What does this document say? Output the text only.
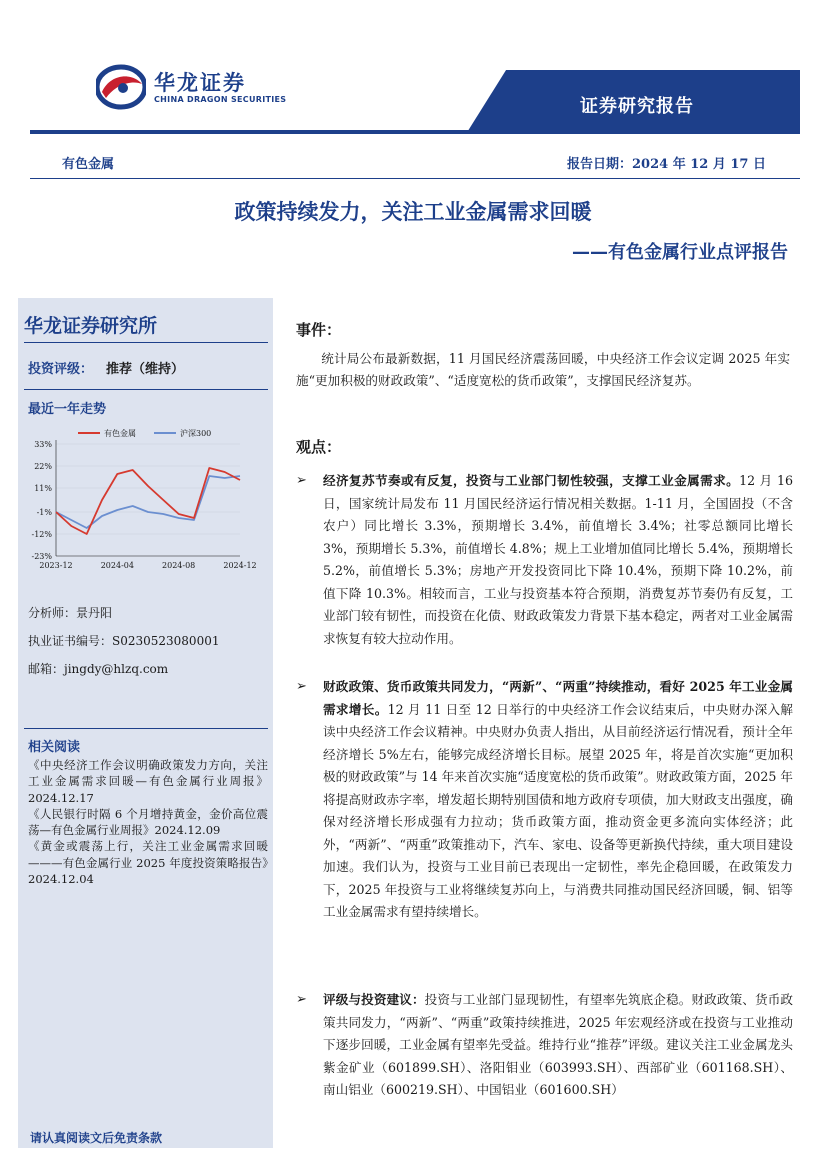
华龙证券
CHINA DRAGON SECURITIES	证券研究报告
有色金属	报告日期：2024 年 12 月 17 日
政策持续发力，关注工业金属需求回暖
——有色金属行业点评报告
华龙证券研究所
投资评级： 推荐（维持）
最近一年走势
有色金属	沪深300
2023-12	2024-04	2024-08	2024-12
33%
22%
11%
-1%
-12%
-23%
分析师：景丹阳
执业证书编号：S0230523080001
邮箱：jingdy@hlzq.com
相关阅读

《中央经济工作会议明确政策发力方向，关注工业金属需求回暖—有色金属行业周报》2024.12.17

《人民银行时隔 6 个月增持黄金，金价高位震荡—有色金属行业周报》2024.12.09

《黄金或震荡上行，关注工业金属需求回暖———有色金属行业 2025 年度投资策略报告》2024.12.04

请认真阅读文后免责条款
事件：
统计局公布最新数据，11 月国民经济震荡回暖，中央经济工作会议定调 2025 年实施“更加积极的财政政策”、“适度宽松的货币政策”，支撑国民经济复苏。
观点：
➢ 经济复苏节奏或有反复，投资与工业部门韧性较强，支撑工业金属需求。12 月 16 日，国家统计局发布 11 月国民经济运行情况相关数据。1-11 月，全国固投（不含农户）同比增长 3.3%，预期增长 3.4%，前值增长 3.4%；社零总额同比增长 3%，预期增长 5.3%，前值增长 4.8%；规上工业增加值同比增长 5.4%，预期增长 5.2%，前值增长 5.3%；房地产开发投资同比下降 10.4%，预期下降 10.2%，前值下降 10.3%。相较而言，工业与投资基本符合预期，消费复苏节奏仍有反复，工业部门较有韧性，而投资在化债、财政政策发力背景下基本稳定，两者对工业金属需求恢复有较大拉动作用。
➢ 财政政策、货币政策共同发力，“两新”、“两重”持续推动，看好 2025 年工业金属需求增长。12 月 11 日至 12 日举行的中央经济工作会议结束后，中央财办深入解读中央经济工作会议精神。中央财办负责人指出，从目前经济运行情况看，预计全年经济增长 5%左右，能够完成经济增长目标。展望 2025 年，将是首次实施“更加积极的财政政策”与 14 年来首次实施“适度宽松的货币政策”。财政政策方面，2025 年将提高财政赤字率，增发超长期特别国债和地方政府专项债，加大财政支出强度，确保对经济增长形成强有力拉动；货币政策方面，推动资金更多流向实体经济；此外，“两新”、“两重”政策推动下，汽车、家电、设备等更新换代持续，重大项目建设加速。我们认为，投资与工业目前已表现出一定韧性，率先企稳回暖，在政策发力下，2025 年投资与工业将继续复苏向上，与消费共同推动国民经济回暖，铜、铝等工业金属需求有望持续增长。
➢ 评级与投资建议：投资与工业部门显现韧性，有望率先筑底企稳。财政政策、货币政策共同发力，“两新”、“两重”政策持续推进，2025 年宏观经济或在投资与工业推动下逐步回暖，工业金属有望率先受益。维持行业“推荐”评级。建议关注工业金属龙头紫金矿业（601899.SH）、洛阳钼业（603993.SH）、西部矿业（601168.SH）、南山铝业（600219.SH）、中国铝业（601600.SH）
